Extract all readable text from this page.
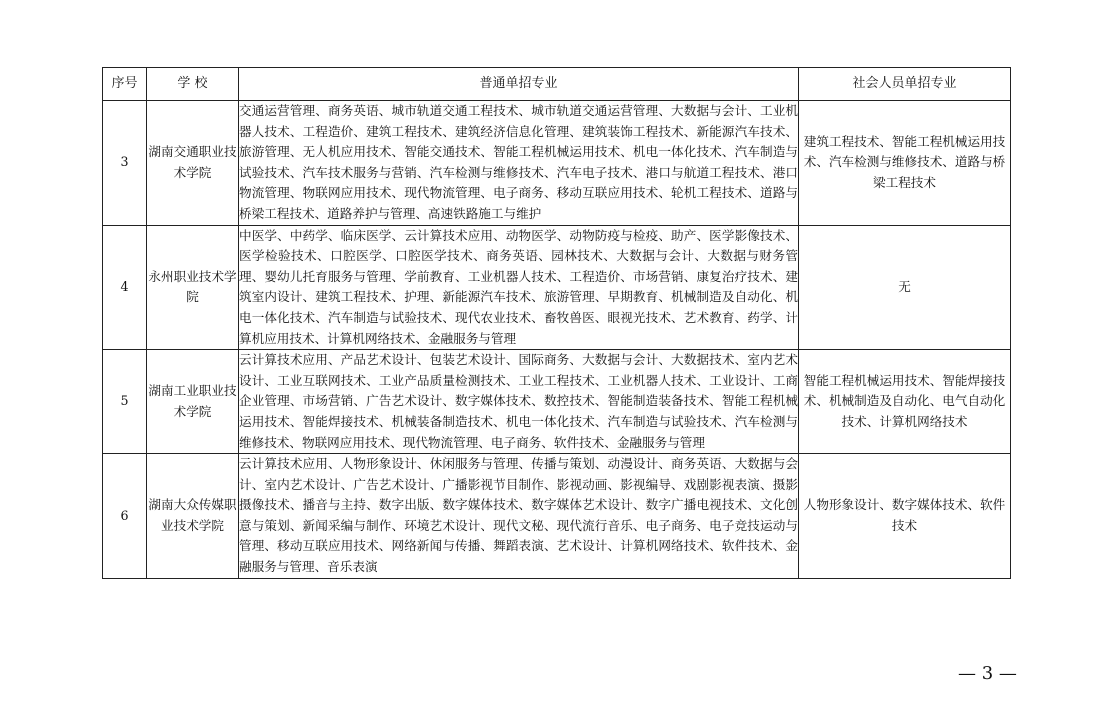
序号	学 校	普通单招专业	社会人员单招专业
3	湖南交通职业技术学院	交通运营管理、商务英语、城市轨道交通工程技术、城市轨道交通运营管理、大数据与会计、工业机器人技术、工程造价、建筑工程技术、建筑经济信息化管理、建筑装饰工程技术、新能源汽车技术、旅游管理、无人机应用技术、智能交通技术、智能工程机械运用技术、机电一体化技术、汽车制造与试验技术、汽车技术服务与营销、汽车检测与维修技术、汽车电子技术、港口与航道工程技术、港口物流管理、物联网应用技术、现代物流管理、电子商务、移动互联应用技术、轮机工程技术、道路与桥梁工程技术、道路养护与管理、高速铁路施工与维护	建筑工程技术、智能工程机械运用技术、汽车检测与维修技术、道路与桥梁工程技术
4	永州职业技术学院	中医学、中药学、临床医学、云计算技术应用、动物医学、动物防疫与检疫、助产、医学影像技术、医学检验技术、口腔医学、口腔医学技术、商务英语、园林技术、大数据与会计、大数据与财务管理、婴幼儿托育服务与管理、学前教育、工业机器人技术、工程造价、市场营销、康复治疗技术、建筑室内设计、建筑工程技术、护理、新能源汽车技术、旅游管理、早期教育、机械制造及自动化、机电一体化技术、汽车制造与试验技术、现代农业技术、畜牧兽医、眼视光技术、艺术教育、药学、计算机应用技术、计算机网络技术、金融服务与管理	无
5	湖南工业职业技术学院	云计算技术应用、产品艺术设计、包装艺术设计、国际商务、大数据与会计、大数据技术、室内艺术设计、工业互联网技术、工业产品质量检测技术、工业工程技术、工业机器人技术、工业设计、工商企业管理、市场营销、广告艺术设计、数字媒体技术、数控技术、智能制造装备技术、智能工程机械运用技术、智能焊接技术、机械装备制造技术、机电一体化技术、汽车制造与试验技术、汽车检测与维修技术、物联网应用技术、现代物流管理、电子商务、软件技术、金融服务与管理	智能工程机械运用技术、智能焊接技术、机械制造及自动化、电气自动化技术、计算机网络技术
6	湖南大众传媒职业技术学院	云计算技术应用、人物形象设计、休闲服务与管理、传播与策划、动漫设计、商务英语、大数据与会计、室内艺术设计、广告艺术设计、广播影视节目制作、影视动画、影视编导、戏剧影视表演、摄影摄像技术、播音与主持、数字出版、数字媒体技术、数字媒体艺术设计、数字广播电视技术、文化创意与策划、新闻采编与制作、环境艺术设计、现代文秘、现代流行音乐、电子商务、电子竞技运动与管理、移动互联应用技术、网络新闻与传播、舞蹈表演、艺术设计、计算机网络技术、软件技术、金融服务与管理、音乐表演	人物形象设计、数字媒体技术、软件技术
— 3 —
